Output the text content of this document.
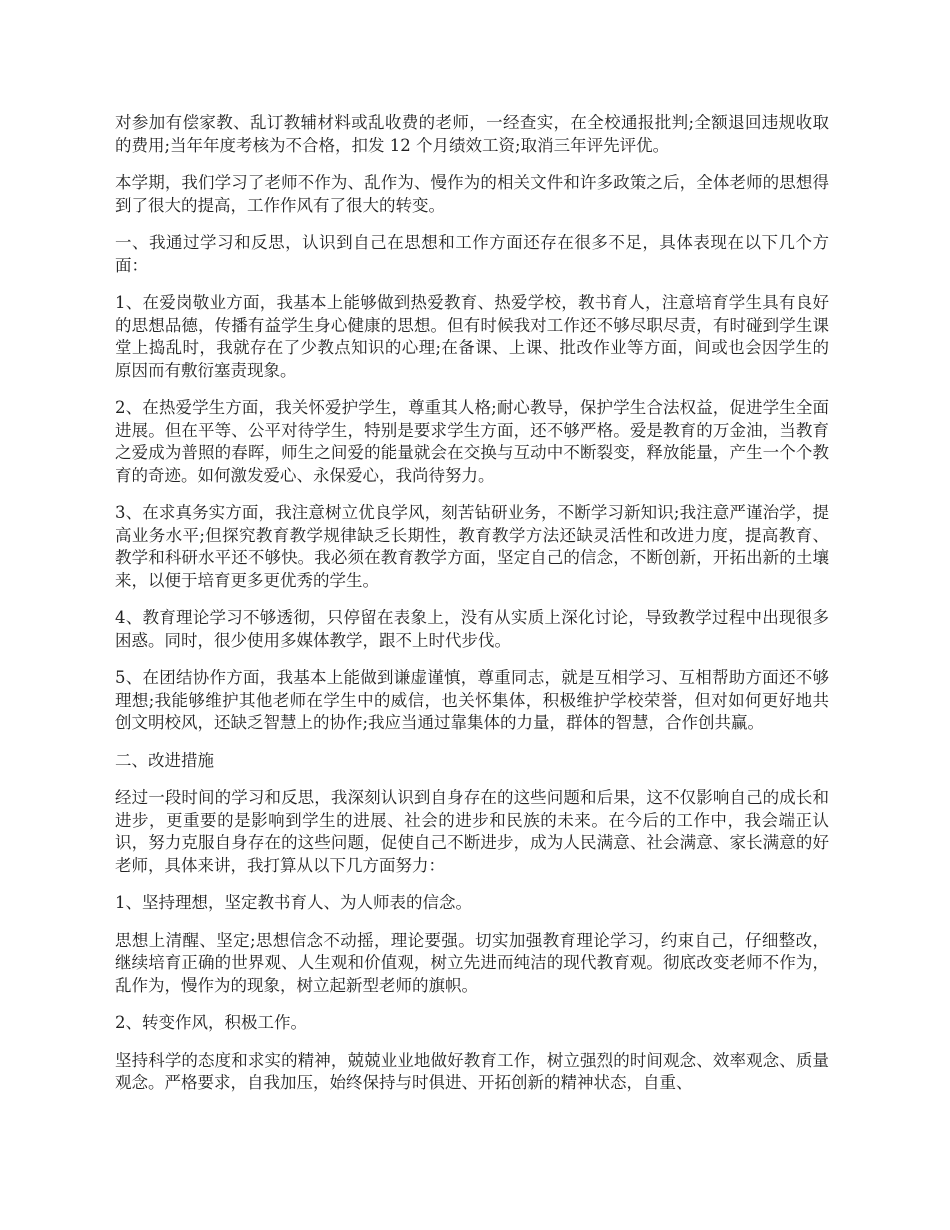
对参加有偿家教、乱订教辅材料或乱收费的老师，一经查实，在全校通报批判;全额退回违规收取的费用;当年年度考核为不合格，扣发 12 个月绩效工资;取消三年评先评优。

本学期，我们学习了老师不作为、乱作为、慢作为的相关文件和许多政策之后，全体老师的思想得到了很大的提高，工作作风有了很大的转变。

一、我通过学习和反思，认识到自己在思想和工作方面还存在很多不足，具体表现在以下几个方面：

1、在爱岗敬业方面，我基本上能够做到热爱教育、热爱学校，教书育人，注意培育学生具有良好的思想品德，传播有益学生身心健康的思想。但有时候我对工作还不够尽职尽责，有时碰到学生课堂上捣乱时，我就存在了少教点知识的心理;在备课、上课、批改作业等方面，间或也会因学生的原因而有敷衍塞责现象。

2、在热爱学生方面，我关怀爱护学生，尊重其人格;耐心教导，保护学生合法权益，促进学生全面进展。但在平等、公平对待学生，特别是要求学生方面，还不够严格。爱是教育的万金油，当教育之爱成为普照的春晖，师生之间爱的能量就会在交换与互动中不断裂变，释放能量，产生一个个教育的奇迹。如何激发爱心、永保爱心，我尚待努力。

3、在求真务实方面，我注意树立优良学风，刻苦钻研业务，不断学习新知识;我注意严谨治学，提高业务水平;但探究教育教学规律缺乏长期性，教育教学方法还缺灵活性和改进力度，提高教育、教学和科研水平还不够快。我必须在教育教学方面，坚定自己的信念，不断创新，开拓出新的土壤来，以便于培育更多更优秀的学生。

4、教育理论学习不够透彻，只停留在表象上，没有从实质上深化讨论，导致教学过程中出现很多困惑。同时，很少使用多媒体教学，跟不上时代步伐。

5、在团结协作方面，我基本上能做到谦虚谨慎，尊重同志，就是互相学习、互相帮助方面还不够理想;我能够维护其他老师在学生中的威信，也关怀集体，积极维护学校荣誉，但对如何更好地共创文明校风，还缺乏智慧上的协作;我应当通过靠集体的力量，群体的智慧，合作创共赢。

二、改进措施

经过一段时间的学习和反思，我深刻认识到自身存在的这些问题和后果，这不仅影响自己的成长和进步，更重要的是影响到学生的进展、社会的进步和民族的未来。在今后的工作中，我会端正认识，努力克服自身存在的这些问题，促使自己不断进步，成为人民满意、社会满意、家长满意的好老师，具体来讲，我打算从以下几方面努力：

1、坚持理想，坚定教书育人、为人师表的信念。

思想上清醒、坚定;思想信念不动摇，理论要强。切实加强教育理论学习，约束自己，仔细整改，继续培育正确的世界观、人生观和价值观，树立先进而纯洁的现代教育观。彻底改变老师不作为，乱作为，慢作为的现象，树立起新型老师的旗帜。

2、转变作风，积极工作。

坚持科学的态度和求实的精神，兢兢业业地做好教育工作，树立强烈的时间观念、效率观念、质量观念。严格要求，自我加压，始终保持与时俱进、开拓创新的精神状态，自重、
